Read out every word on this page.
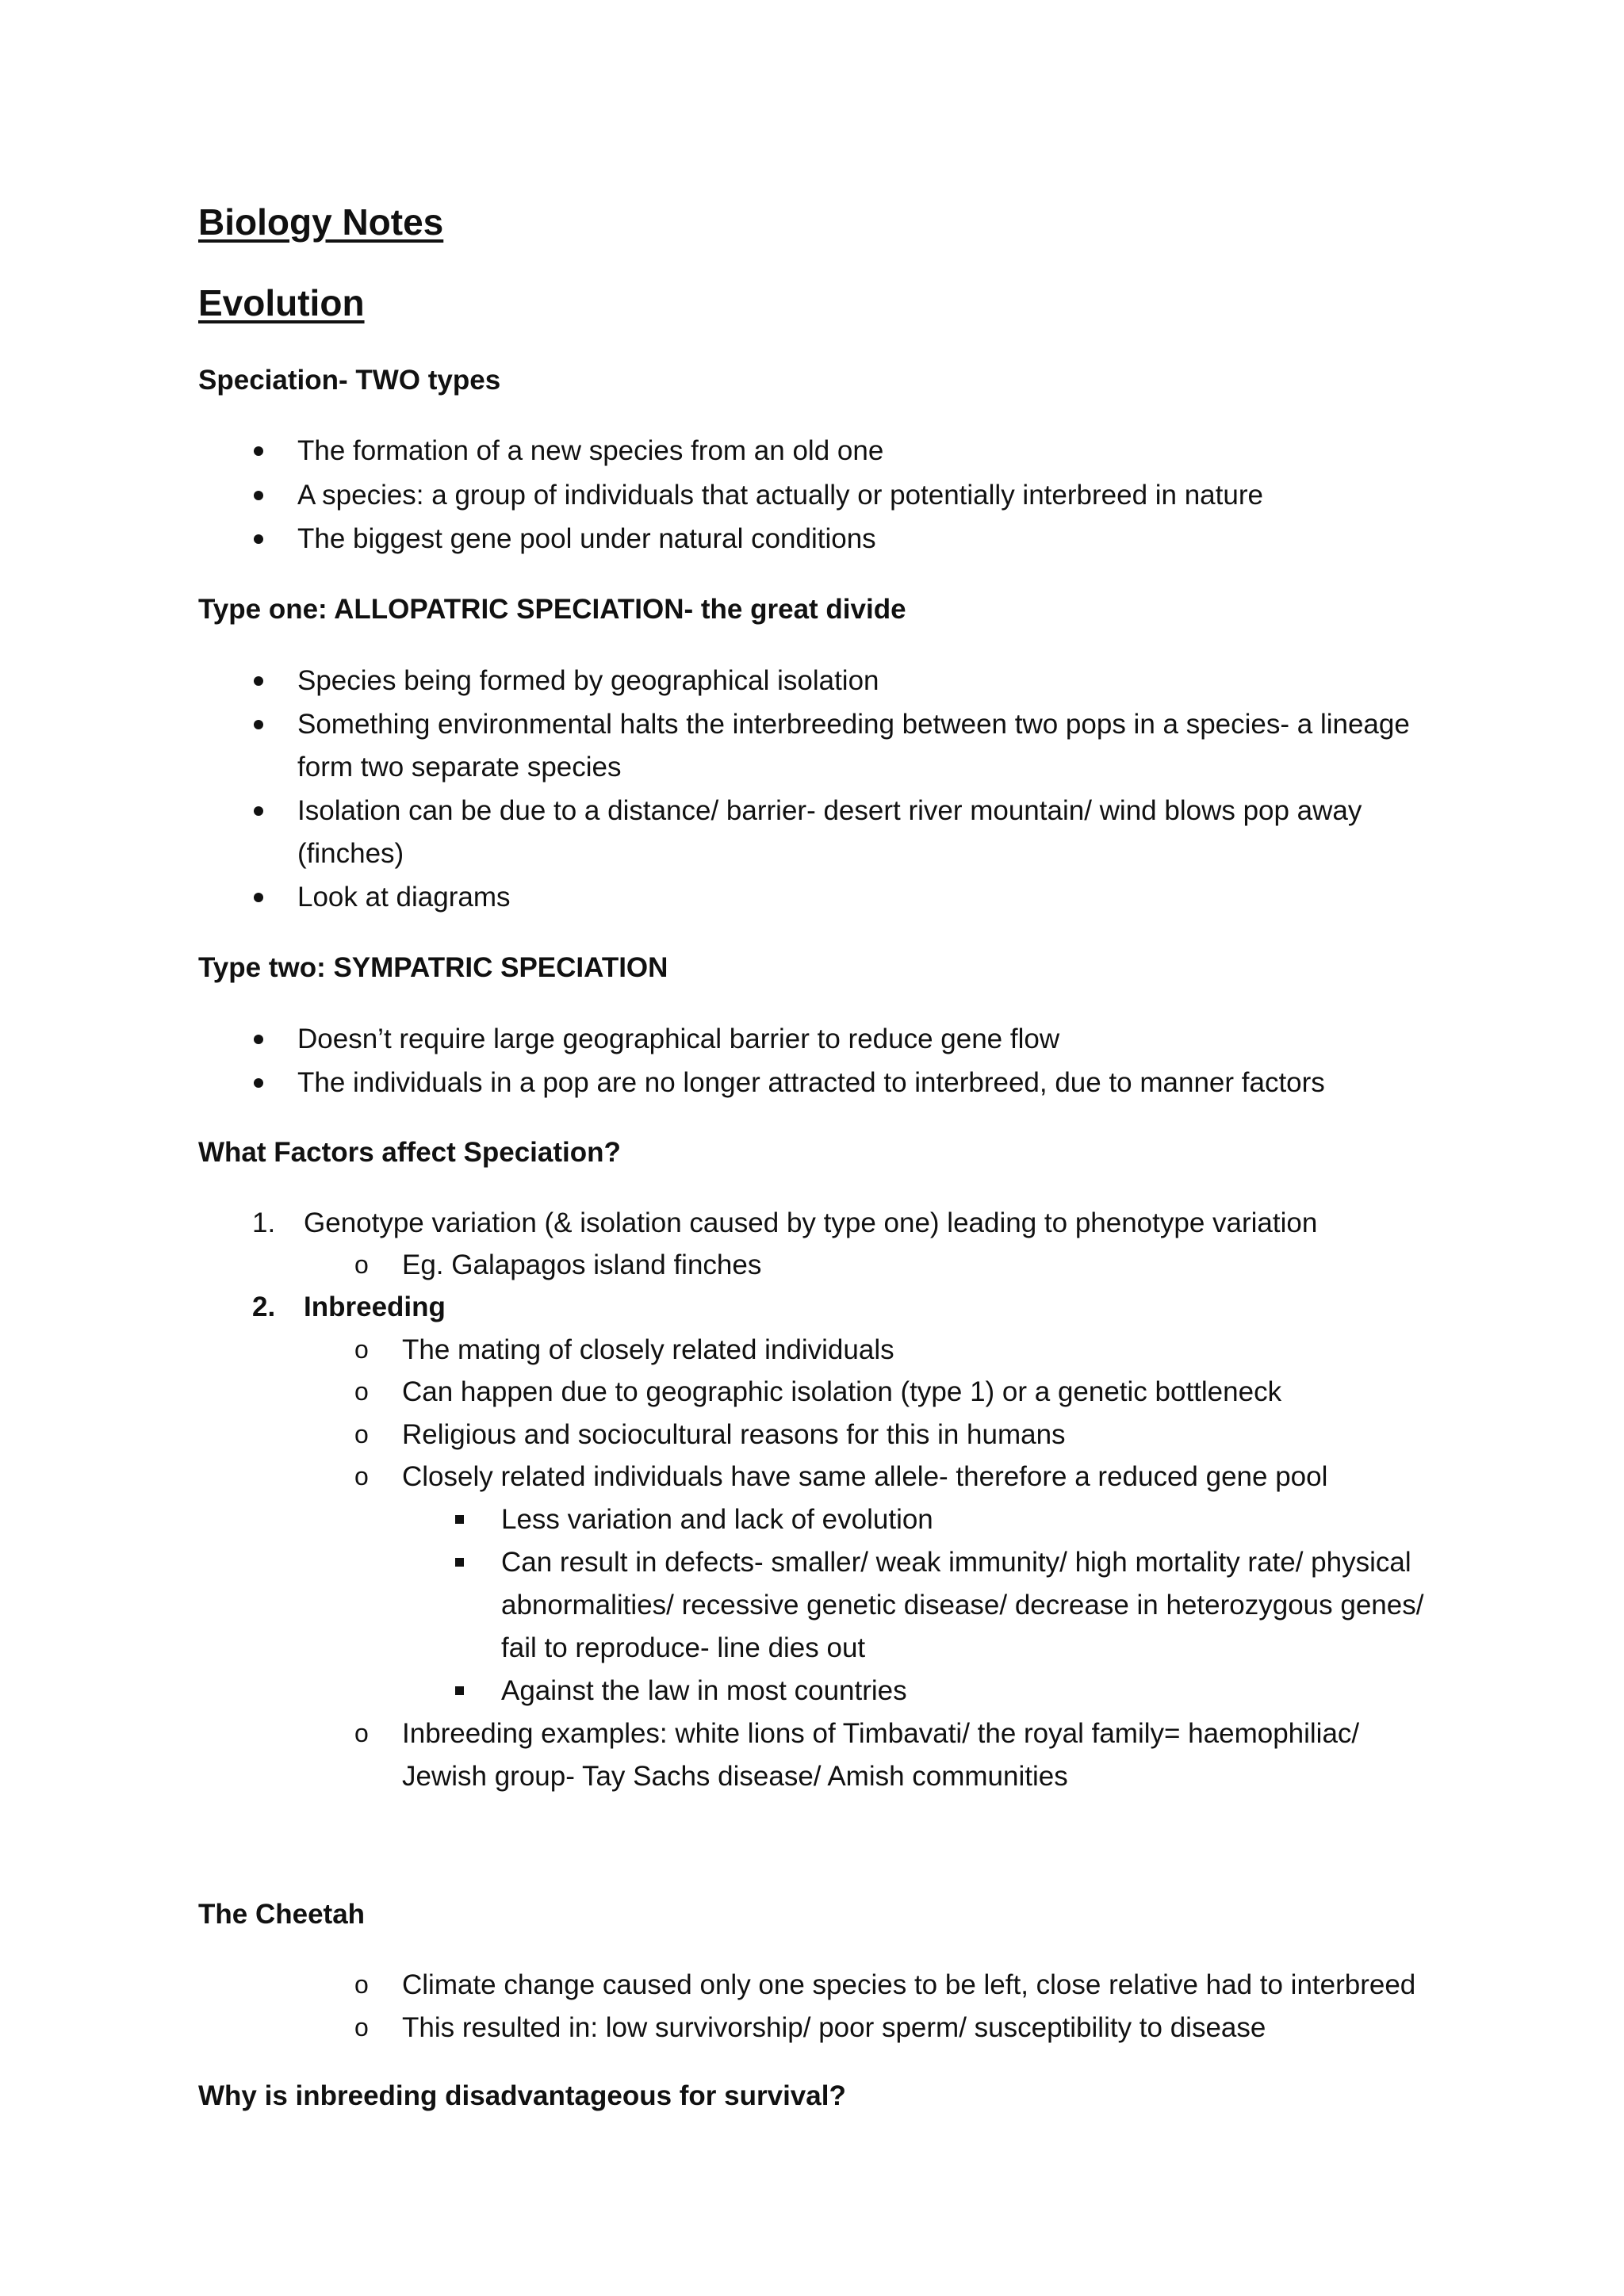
Biology Notes
Evolution
Speciation- TWO types
The formation of a new species from an old one
A species: a group of individuals that actually or potentially interbreed in nature
The biggest gene pool under natural conditions
Type one: ALLOPATRIC SPECIATION- the great divide
Species being formed by geographical isolation
Something environmental halts the interbreeding between two pops in a species- a lineage
form two separate species
Isolation can be due to a distance/ barrier- desert river mountain/ wind blows pop away
(finches)
Look at diagrams
Type two: SYMPATRIC SPECIATION
Doesn’t require large geographical barrier to reduce gene flow
The individuals in a pop are no longer attracted to interbreed, due to manner factors
What Factors affect Speciation?
1. Genotype variation (& isolation caused by type one) leading to phenotype variation
o Eg. Galapagos island finches
2. Inbreeding
o The mating of closely related individuals
o Can happen due to geographic isolation (type 1) or a genetic bottleneck
o Religious and sociocultural reasons for this in humans
o Closely related individuals have same allele- therefore a reduced gene pool
Less variation and lack of evolution
Can result in defects- smaller/ weak immunity/ high mortality rate/ physical
abnormalities/ recessive genetic disease/ decrease in heterozygous genes/
fail to reproduce- line dies out
Against the law in most countries
o Inbreeding examples: white lions of Timbavati/ the royal family= haemophiliac/
Jewish group- Tay Sachs disease/ Amish communities
The Cheetah
o Climate change caused only one species to be left, close relative had to interbreed
o This resulted in: low survivorship/ poor sperm/ susceptibility to disease
Why is inbreeding disadvantageous for survival?
